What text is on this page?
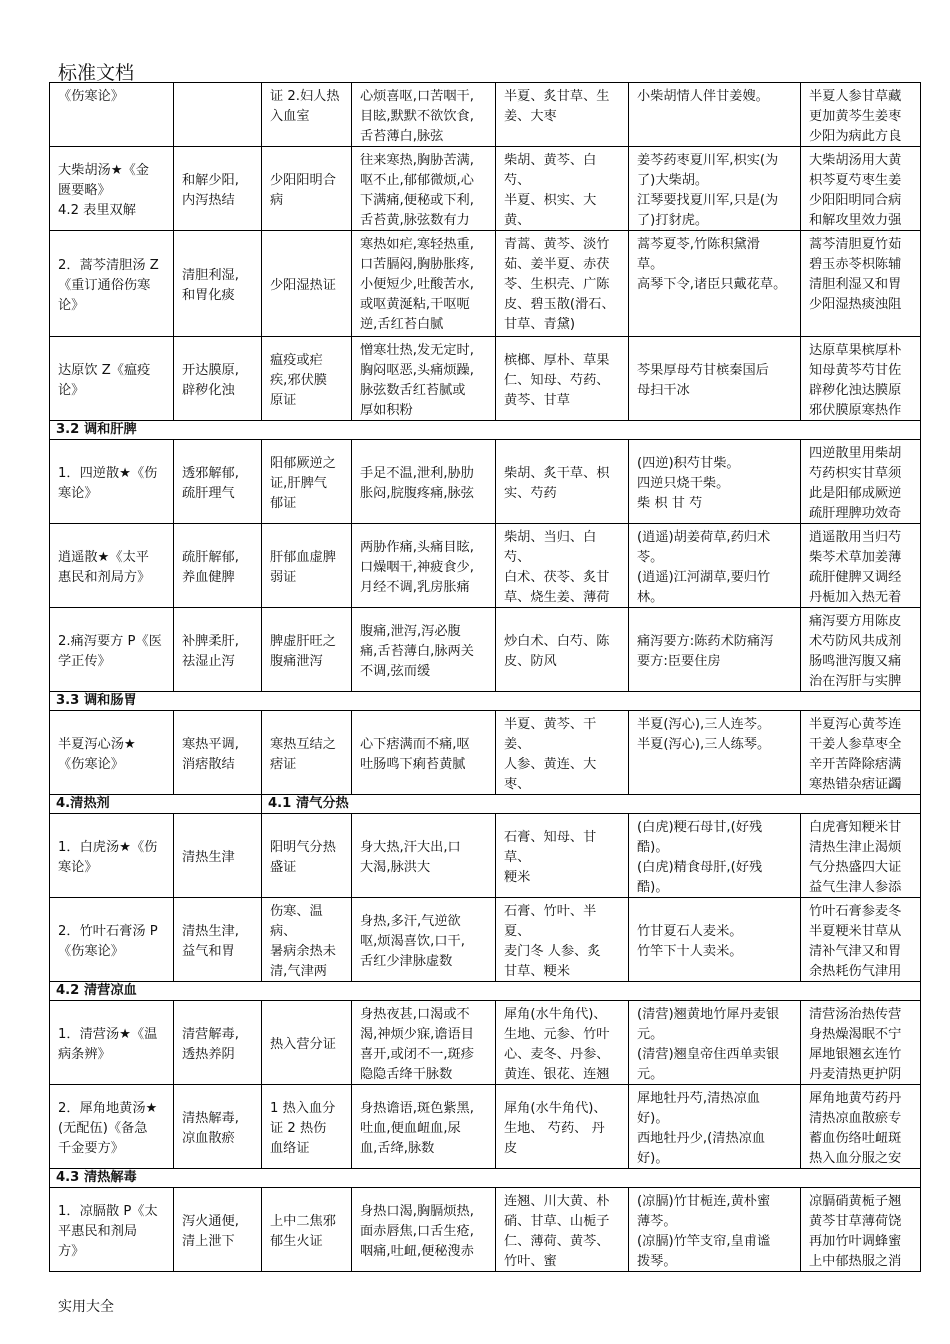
标准文档
《伤寒论》		证 2.妇人热
入血室	心烦喜呕,口苦咽干,
目眩,默默不欲饮食,
舌苔薄白,脉弦	半夏、炙甘草、生
姜、大枣	小柴胡情人伴甘姜嫂。	半夏人参甘草藏
更加黄芩生姜枣
少阳为病此方良

大柴胡汤★《金
匮要略》
4.2 表里双解	和解少阳,
内泻热结	少阳阳明合
病	往来寒热,胸胁苦满,
呕不止,郁郁微烦,心
下满痛,便秘或下利,
舌苔黄,脉弦数有力	柴胡、黄芩、白芍、
半夏、枳实、大黄、	姜芩药枣夏川军,枳实(为
了)大柴胡。
江琴要找夏川军,只是(为
了)打豺虎。	大柴胡汤用大黄
枳芩夏芍枣生姜
少阳阳明同合病
和解攻里效力强

2．蒿芩清胆汤 Z
《重订通俗伤寒
论》	清胆利湿,
和胃化痰	少阳湿热证	寒热如疟,寒轻热重,
口苦膈闷,胸胁胀疼,
小便短少,吐酸苦水,
或呕黄涎粘,干呕呃
逆,舌红苔白腻	青蒿、黄芩、淡竹
茹、姜半夏、赤茯
苓、生枳壳、广陈
皮、碧玉散(滑石、
甘草、青黛)	蒿芩夏苓,竹陈积黛滑
草。
高琴下令,诸臣只戴花草。	蒿芩清胆夏竹茹
碧玉赤苓枳陈辅
清胆利湿又和胃
少阳湿热痰浊阻

达原饮 Z《瘟疫
论》	开达膜原,
辟秽化浊	瘟疫或疟
疾,邪伏膜
原证	憎寒壮热,发无定时,
胸闷呕恶,头痛烦躁,
脉弦数舌红苔腻或
厚如积粉	槟榔、厚朴、草果
仁、知母、芍药、
黄芩、甘草	芩果厚母芍甘槟秦国后
母扫干冰	达原草果槟厚朴
知母黄芩芍甘佐
辟秽化浊达膜原
邪伏膜原寒热作

3.2 调和肝脾						

1．四逆散★《伤
寒论》	透邪解郁,
疏肝理气	阳郁厥逆之
证,肝脾气
郁证	手足不温,泄利,胁肋
胀闷,脘腹疼痛,脉弦	柴胡、炙干草、枳
实、芍药	(四逆)积芍甘柴。
四逆只烧干柴。
柴 枳 甘 芍	四逆散里用柴胡
芍药枳实甘草须
此是阳郁成厥逆
疏肝理脾功效奇

逍遥散★《太平
惠民和剂局方》	疏肝解郁,
养血健脾	肝郁血虚脾
弱证	两胁作痛,头痛目眩,
口燥咽干,神疲食少,
月经不调,乳房胀痛	柴胡、当归、白芍、
白术、茯苓、炙甘
草、烧生姜、薄荷	(逍遥)胡姜荷草,药归术
苓。
(逍遥)江河湖草,要归竹
林。	逍遥散用当归芍
柴芩术草加姜薄
疏肝健脾又调经
丹栀加入热无着

2.痛泻要方 P《医
学正传》	补脾柔肝,
祛湿止泻	脾虚肝旺之
腹痛泄泻	腹痛,泄泻,泻必腹
痛,舌苔薄白,脉两关
不调,弦而缓	炒白术、白芍、陈
皮、防风	痛泻要方:陈药术防痛泻
要方:臣要住房	痛泻要方用陈皮
术芍防风共成剂
肠鸣泄泻腹又痛
治在泻肝与实脾

3.3 调和肠胃						

半夏泻心汤★
《伤寒论》	寒热平调,
消痞散结	寒热互结之
痞证	心下痞满而不痛,呕
吐肠鸣下痢苔黄腻	半夏、黄芩、干姜、
人参、黄连、大枣、	半夏(泻心),三人连芩。
半夏(泻心),三人练琴。	半夏泻心黄芩连
干姜人参草枣全
辛开苦降除痞满
寒热错杂痞证蠲

4.清热剂		4.1 清气分热				

1．白虎汤★《伤
寒论》	清热生津	阳明气分热
盛证	身大热,汗大出,口
大渴,脉洪大	石膏、知母、甘草、
粳米	(白虎)粳石母甘,(好残
酷)。
(白虎)精食母肝,(好残
酷)。	白虎膏知粳米甘
清热生津止渴烦
气分热盛四大证
益气生津人参添

2．竹叶石膏汤 P
《伤寒论》	清热生津,
益气和胃	伤寒、温病、
暑病余热未
清,气津两	身热,多汗,气逆欲
呕,烦渴喜饮,口干,
舌红少津脉虚数	石膏、竹叶、半夏、
麦门冬 人参、炙
甘草、粳米	竹甘夏石人麦米。
竹竿下十人卖米。	竹叶石膏参麦冬
半夏粳米甘草从
清补气津又和胃
余热耗伤气津用

4.2 清营凉血						

1．清营汤★《温
病条辨》	清营解毒,
透热养阴	热入营分证	身热夜甚,口渴或不
渴,神烦少寐,谵语目
喜开,或闭不一,斑疹
隐隐舌绛干脉数	犀角(水牛角代)、
生地、元参、竹叶
心、麦冬、丹参、
黄连、银花、连翘	(清营)翘黄地竹犀丹麦银
元。
(清营)翘皇帝住西单卖银
元。	清营汤治热传营
身热燥渴眠不宁
犀地银翘玄连竹
丹麦清热更护阴

2．犀角地黄汤★
(无配伍)《备急
千金要方》	清热解毒,
凉血散瘀	1 热入血分
证 2 热伤
血络证	身热谵语,斑色紫黑,
吐血,便血衄血,尿
血,舌绛,脉数	犀角(水牛角代)、
生地、 芍药、 丹
皮	犀地牡丹芍,清热凉血
好)。
西地牡丹少,(清热凉血
好)。	犀角地黄芍药丹
清热凉血散瘀专
蓄血伤络吐衄斑
热入血分服之安

4.3 清热解毒						

1．凉膈散 P《太
平惠民和剂局
方》	泻火通便,
清上泄下	上中二焦邪
郁生火证	身热口渴,胸膈烦热,
面赤唇焦,口舌生疮,
咽痛,吐衄,便秘溲赤	连翘、川大黄、朴
硝、甘草、山栀子
仁、薄荷、黄芩、
竹叶、蜜	(凉膈)竹甘栀连,黄朴蜜
薄芩。
(凉膈)竹竿支帘,皇甫谧
拨琴。	凉膈硝黄栀子翘
黄芩甘草薄荷饶
再加竹叶调蜂蜜
上中郁热服之消
实用大全
